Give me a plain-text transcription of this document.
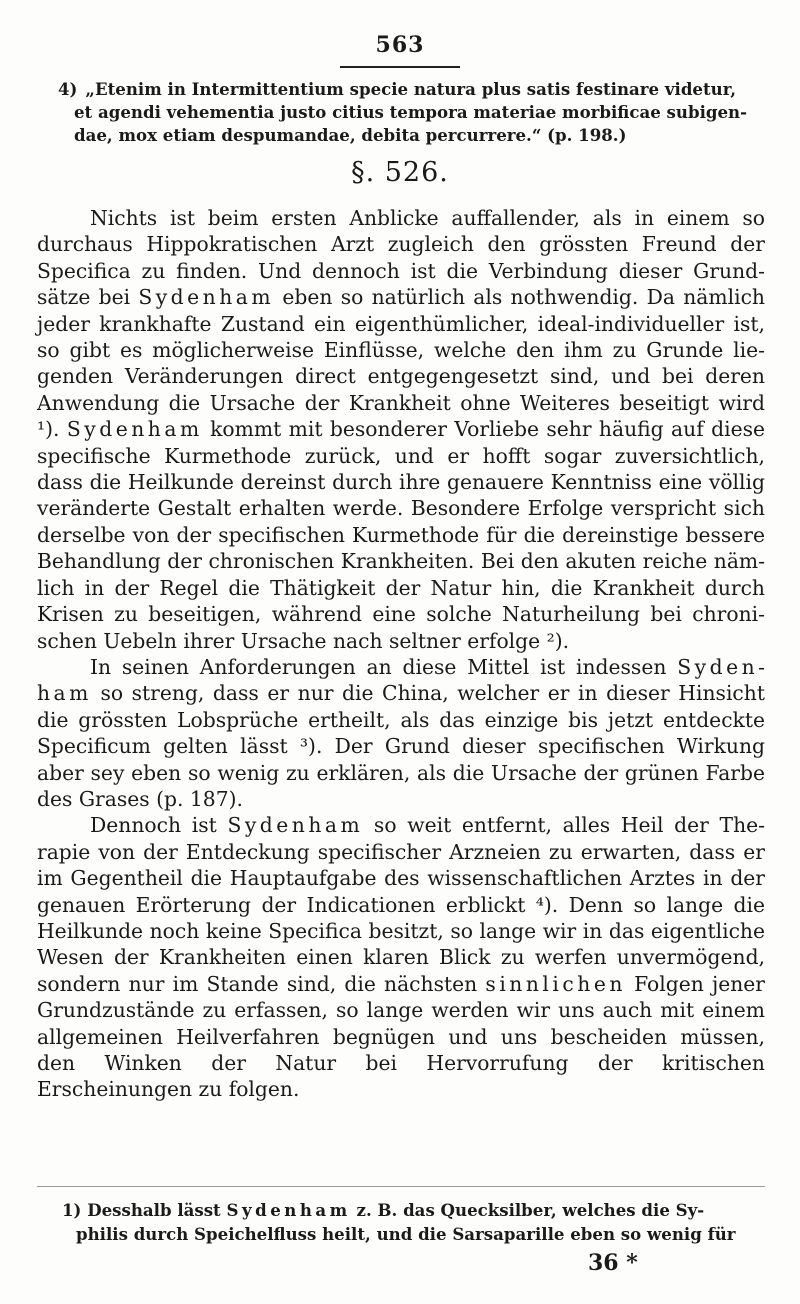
563
4) „Etenim in Intermittentium specie natura plus satis festinare videtur,
et agendi vehementia justo citius tempora materiae morbificae subigen-
dae, mox etiam despumandae, debita percurrere.“ (p. 198.)
§. 526.

Nichts ist beim ersten Anblicke auffallender, als in einem so durchaus Hippokratischen Arzt zugleich den grössten Freund der Specifica zu finden. Und dennoch ist die Verbindung dieser Grundsätze bei Sydenham eben so natürlich als nothwendig. Da nämlich jeder krankhafte Zustand ein eigenthümlicher, ideal-individueller ist, so gibt es möglicherweise Einflüsse, welche den ihm zu Grunde liegenden Veränderungen direct entgegengesetzt sind, und bei deren Anwendung die Ursache der Krankheit ohne Weiteres beseitigt wird ¹). Sydenham kommt mit besonderer Vorliebe sehr häufig auf diese specifische Kurmethode zurück, und er hofft sogar zuversichtlich, dass die Heilkunde dereinst durch ihre genauere Kenntniss eine völlig veränderte Gestalt erhalten werde. Besondere Erfolge verspricht sich derselbe von der specifischen Kurmethode für die dereinstige bessere Behandlung der chronischen Krankheiten. Bei den akuten reiche nämlich in der Regel die Thätigkeit der Natur hin, die Krankheit durch Krisen zu beseitigen, während eine solche Naturheilung bei chronischen Uebeln ihrer Ursache nach seltner erfolge ²).

In seinen Anforderungen an diese Mittel ist indessen Sydenham so streng, dass er nur die China, welcher er in dieser Hinsicht die grössten Lobsprüche ertheilt, als das einzige bis jetzt entdeckte Specificum gelten lässt ³). Der Grund dieser specifischen Wirkung aber sey eben so wenig zu erklären, als die Ursache der grünen Farbe des Grases (p. 187).

Dennoch ist Sydenham so weit entfernt, alles Heil der Therapie von der Entdeckung specifischer Arzneien zu erwarten, dass er im Gegentheil die Hauptaufgabe des wissenschaftlichen Arztes in der genauen Erörterung der Indicationen erblickt ⁴). Denn so lange die Heilkunde noch keine Specifica besitzt, so lange wir in das eigentliche Wesen der Krankheiten einen klaren Blick zu werfen unvermögend, sondern nur im Stande sind, die nächsten sinnlichen Folgen jener Grundzustände zu erfassen, so lange werden wir uns auch mit einem allgemeinen Heilverfahren begnügen und uns bescheiden müssen, den Winken der Natur bei Hervorrufung der kritischen Erscheinungen zu folgen.

1) Desshalb lässt Sydenham z. B. das Quecksilber, welches die Sy-
philis durch Speichelfluss heilt, und die Sarsaparille eben so wenig für
36 *
